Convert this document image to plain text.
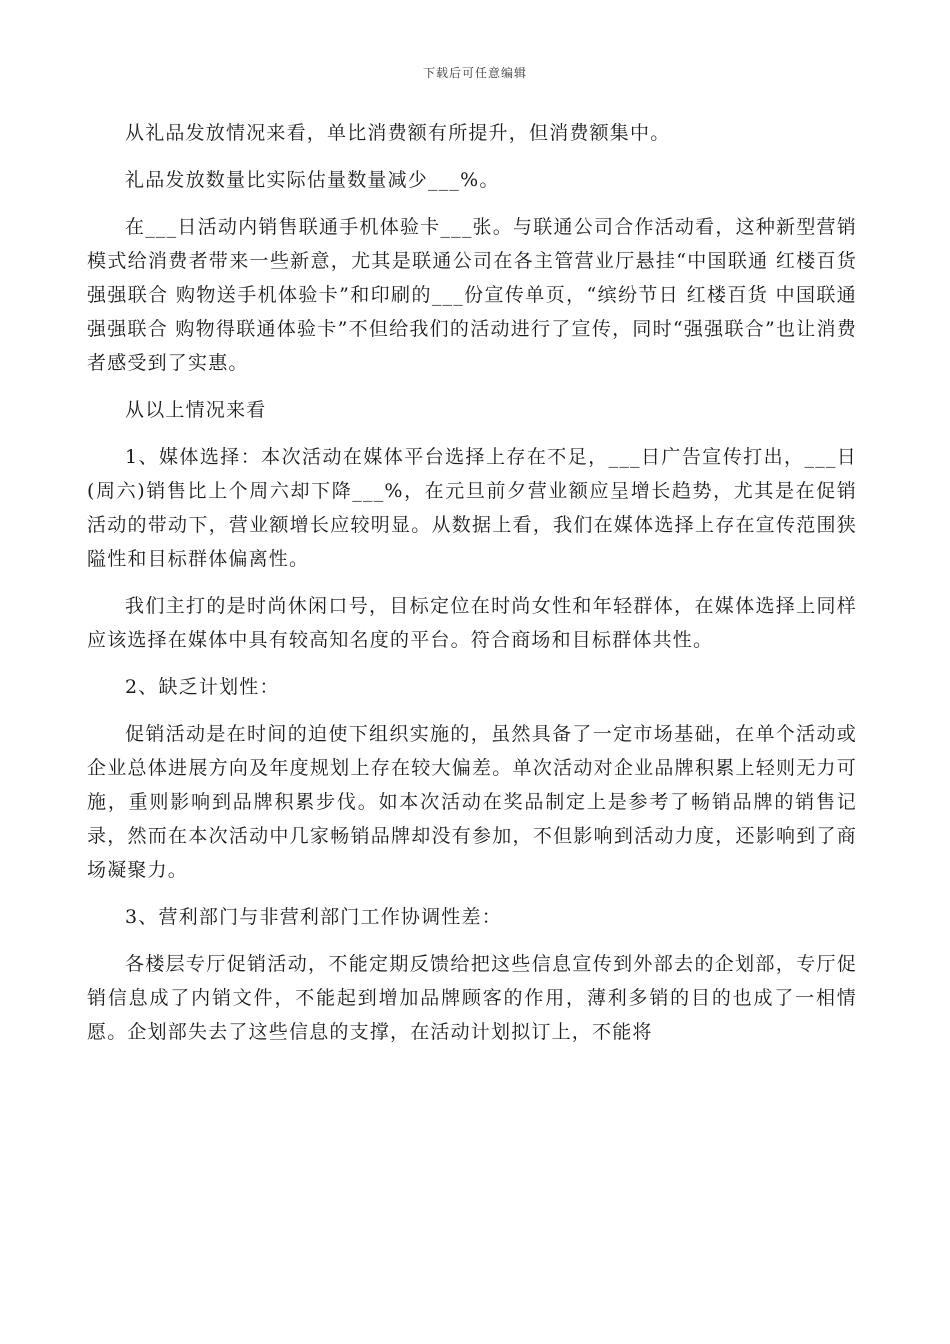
下载后可任意编辑

从礼品发放情况来看，单比消费额有所提升，但消费额集中。

礼品发放数量比实际估量数量减少___%。

在___日活动内销售联通手机体验卡___张。与联通公司合作活动看，这种新型营销模式给消费者带来一些新意，尤其是联通公司在各主管营业厅悬挂“中国联通 红楼百货 强强联合 购物送手机体验卡”和印刷的___份宣传单页，“缤纷节日 红楼百货 中国联通强强联合 购物得联通体验卡”不但给我们的活动进行了宣传，同时“强强联合”也让消费者感受到了实惠。

从以上情况来看

1、媒体选择：本次活动在媒体平台选择上存在不足，___日广告宣传打出，___日(周六)销售比上个周六却下降___%，在元旦前夕营业额应呈增长趋势，尤其是在促销活动的带动下，营业额增长应较明显。从数据上看，我们在媒体选择上存在宣传范围狭隘性和目标群体偏离性。

我们主打的是时尚休闲口号，目标定位在时尚女性和年轻群体，在媒体选择上同样应该选择在媒体中具有较高知名度的平台。符合商场和目标群体共性。

2、缺乏计划性：

促销活动是在时间的迫使下组织实施的，虽然具备了一定市场基础，在单个活动或企业总体进展方向及年度规划上存在较大偏差。单次活动对企业品牌积累上轻则无力可施，重则影响到品牌积累步伐。如本次活动在奖品制定上是参考了畅销品牌的销售记录，然而在本次活动中几家畅销品牌却没有参加，不但影响到活动力度，还影响到了商场凝聚力。

3、营利部门与非营利部门工作协调性差：

各楼层专厅促销活动，不能定期反馈给把这些信息宣传到外部去的企划部，专厅促销信息成了内销文件，不能起到增加品牌顾客的作用，薄利多销的目的也成了一相情愿。企划部失去了这些信息的支撑，在活动计划拟订上，不能将
